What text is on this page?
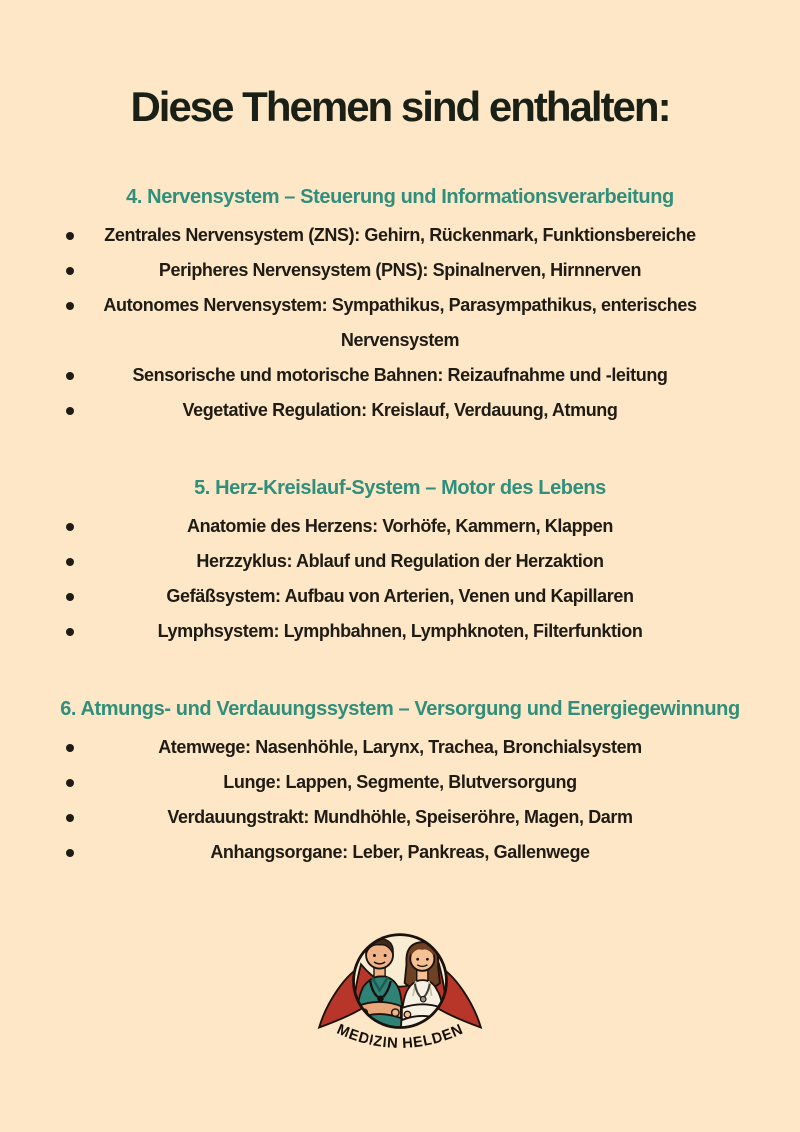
Diese Themen sind enthalten:
4. Nervensystem – Steuerung und Informationsverarbeitung
Zentrales Nervensystem (ZNS): Gehirn, Rückenmark, Funktionsbereiche
Peripheres Nervensystem (PNS): Spinalnerven, Hirnnerven
Autonomes Nervensystem: Sympathikus, Parasympathikus, enterisches Nervensystem
Sensorische und motorische Bahnen: Reizaufnahme und -leitung
Vegetative Regulation: Kreislauf, Verdauung, Atmung
5. Herz-Kreislauf-System – Motor des Lebens
Anatomie des Herzens: Vorhöfe, Kammern, Klappen
Herzzyklus: Ablauf und Regulation der Herzaktion
Gefäßsystem: Aufbau von Arterien, Venen und Kapillaren
Lymphsystem: Lymphbahnen, Lymphknoten, Filterfunktion
6. Atmungs- und Verdauungssystem – Versorgung und Energiegewinnung
Atemwege: Nasenhöhle, Larynx, Trachea, Bronchialsystem
Lunge: Lappen, Segmente, Blutversorgung
Verdauungstrakt: Mundhöhle, Speiseröhre, Magen, Darm
Anhangsorgane: Leber, Pankreas, Gallenwege
MEDIZIN HELDEN
